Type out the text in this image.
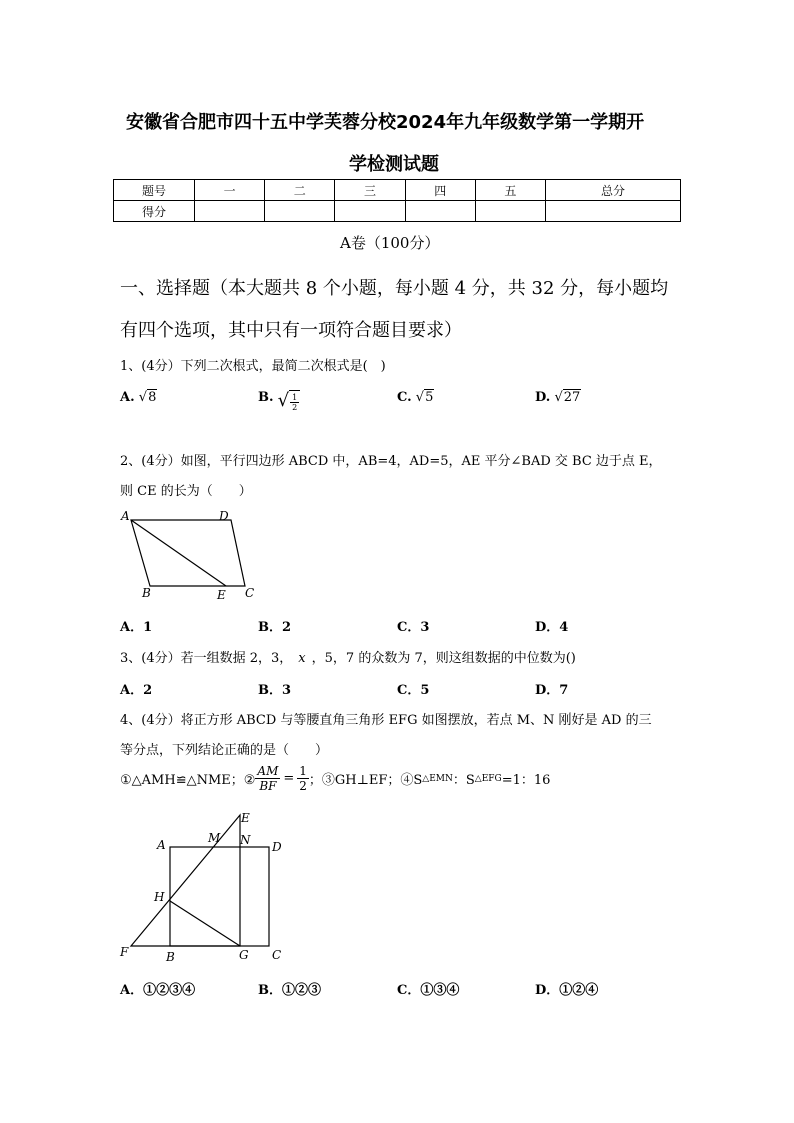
安徽省合肥市四十五中学芙蓉分校2024年九年级数学第一学期开
学检测试题
题号	一	二	三	四	五	总分
得分						
A卷（100分）
一、选择题（本大题共 8 个小题，每小题 4 分，共 32 分，每小题均
有四个选项，其中只有一项符合题目要求）
1、(4分）下列二次根式，最简二次根式是(　)
A. √8	B. √ $\frac{1}{2}$	C. √5	D. √27
2、(4分）如图，平行四边形 ABCD 中，AB=4，AD=5，AE 平分∠BAD 交 BC 边于点 E，
则 CE 的长为（　　）
A	D
B	E C
A．1	B．2	C．3	D．4
3、(4分）若一组数据 2，3， x ，5，7 的众数为 7，则这组数据的中位数为()
A．2	B．3	C．5	D．7
4、(4分）将正方形 ABCD 与等腰直角三角形 EFG 如图摆放，若点 M、N 刚好是 AD 的三
等分点，下列结论正确的是（　　）
①△AMH≌△NME；② $\frac{AM}{BF} = \frac{1}{2}$ ；③GH⊥EF；④S △EMN ：S △EFG =1：16
E
A	M N D
H
F	B	G C
A．①②③④	B．①②③	C．①③④	D．①②④
